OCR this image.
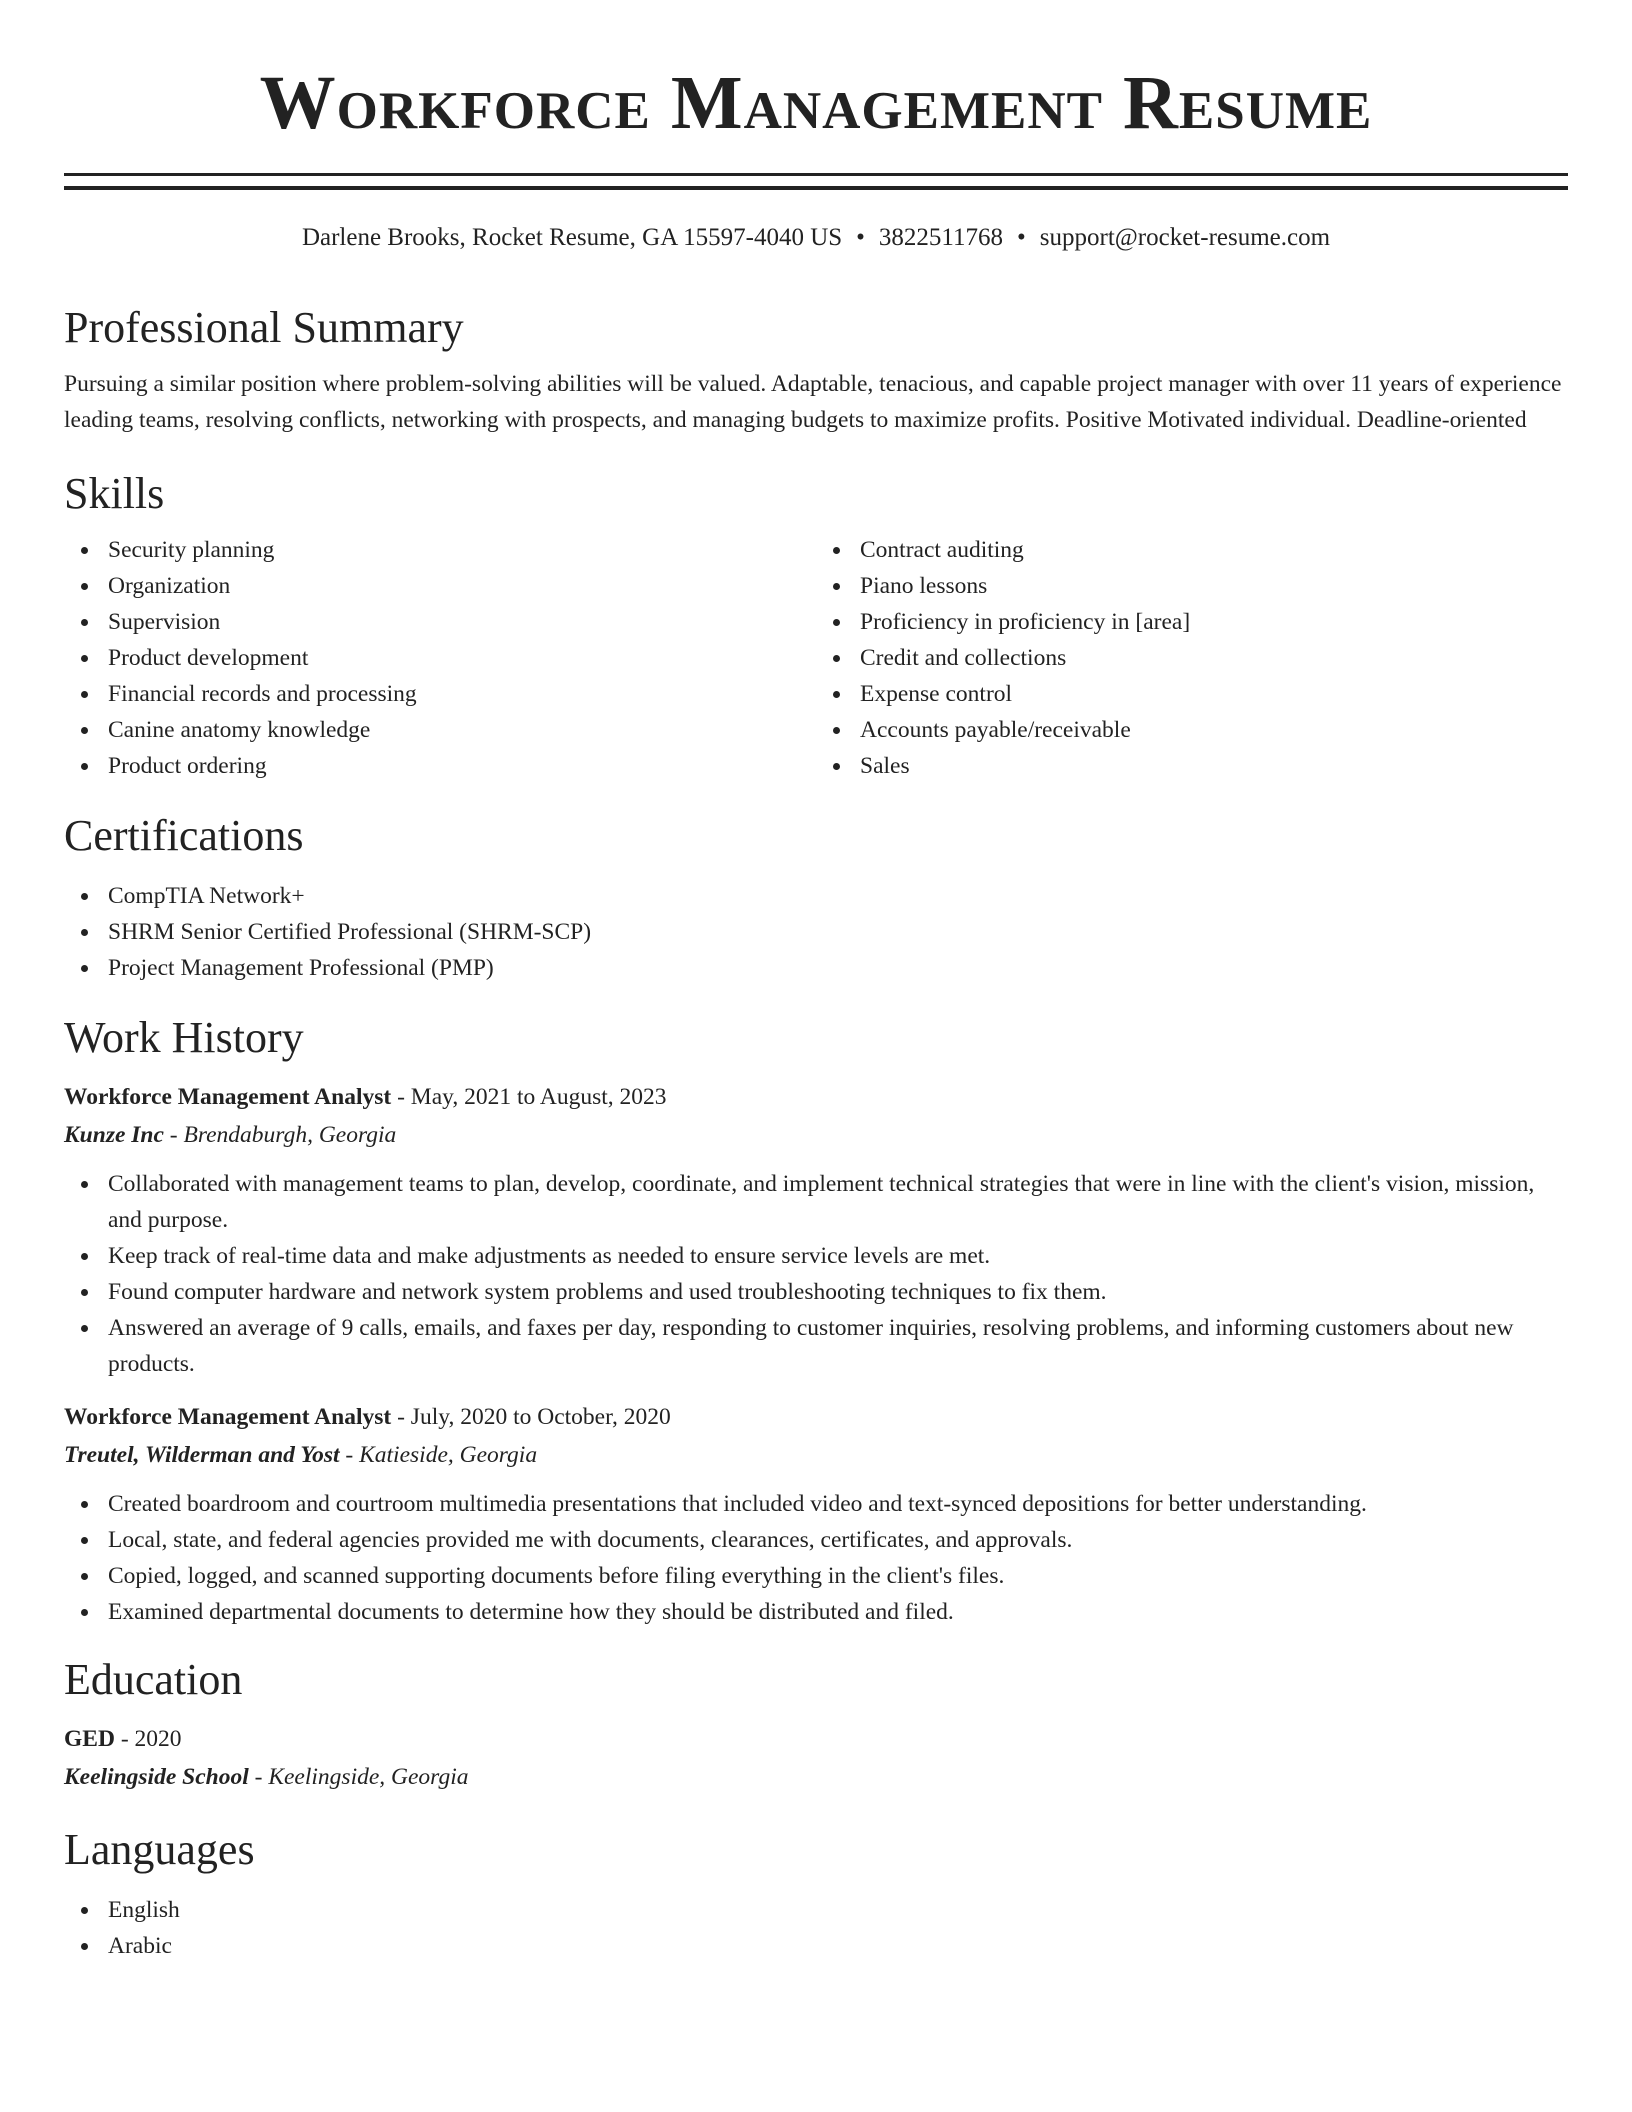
Workforce Management Resume
Darlene Brooks, Rocket Resume, GA 15597-4040 US • 3822511768 • support@rocket-resume.com
Professional Summary

Pursuing a similar position where problem-solving abilities will be valued. Adaptable, tenacious, and capable project manager with over 11 years of experience leading teams, resolving conflicts, networking with prospects, and managing budgets to maximize profits. Positive Motivated individual. Deadline-oriented

Skills
Security planning
Organization
Supervision
Product development
Financial records and processing
Canine anatomy knowledge
Product ordering
Contract auditing
Piano lessons
Proficiency in proficiency in [area]
Credit and collections
Expense control
Accounts payable/receivable
Sales
Certifications
CompTIA Network+
SHRM Senior Certified Professional (SHRM-SCP)
Project Management Professional (PMP)
Work History
Workforce Management Analyst - May, 2021 to August, 2023
Kunze Inc - Brendaburgh, Georgia
Collaborated with management teams to plan, develop, coordinate, and implement technical strategies that were in line with the client's vision, mission, and purpose.
Keep track of real-time data and make adjustments as needed to ensure service levels are met.
Found computer hardware and network system problems and used troubleshooting techniques to fix them.
Answered an average of 9 calls, emails, and faxes per day, responding to customer inquiries, resolving problems, and informing customers about new products.
Workforce Management Analyst - July, 2020 to October, 2020
Treutel, Wilderman and Yost - Katieside, Georgia
Created boardroom and courtroom multimedia presentations that included video and text-synced depositions for better understanding.
Local, state, and federal agencies provided me with documents, clearances, certificates, and approvals.
Copied, logged, and scanned supporting documents before filing everything in the client's files.
Examined departmental documents to determine how they should be distributed and filed.
Education
GED - 2020
Keelingside School - Keelingside, Georgia
Languages
English
Arabic
